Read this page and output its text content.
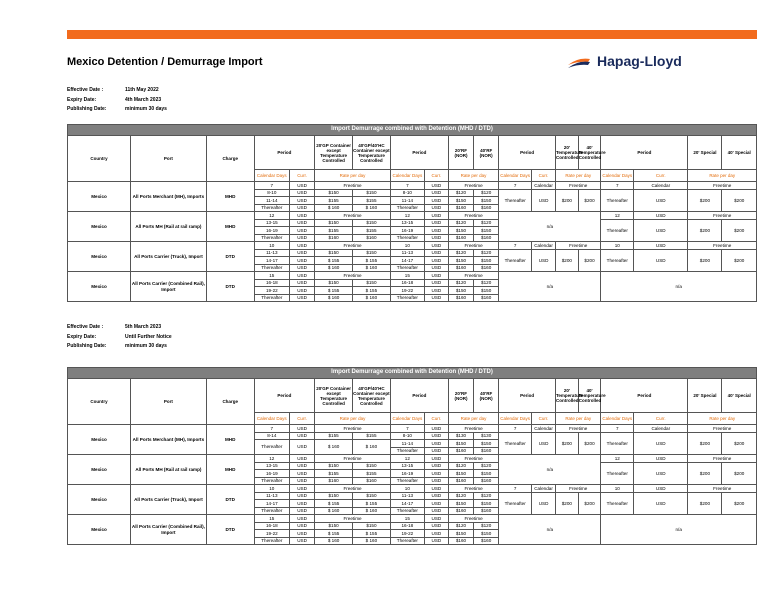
Mexico Detention / Demurrage Import	Hapag-Lloyd
Effective Date :	11th May 2022
Expiry Date:	4th March 2023
Publishing Date:	minimum 30 days
Import Demurrage combined with Detention (MHD / DTD)
Country	Port	Charge	Period	20'GP Container except Temperature Controlled	40'GP/40'HC Container except Temperature Controlled	Period	20'RF (NOR)	40'RF (NOR)	Period	20' Temperature Controlled	40' Temperature Controlled	Period	20' Special	40' Special
Calendar Days	Curr.	Rate per day	Calendar Days	Curr.	Rate per day	Calendar Days	Curr.	Rate per day	Calendar Days	Curr.	Rate per day
Mexico	All Ports Merchant (MH), Imports	MHD	7	USD	Freetime	7	USD	Freetime	7	Calendar	Freetime	7	Calendar	Freetime
8-10	USD	$150	$150	8-10	USD	$120	$120	Thereafter	USD	$200	$200	Thereafter	USD	$200	$200
11-14	USD	$155	$155	11-14	USD	$150	$150
Thereafter	USD	$ 160	$ 160	Thereafter	USD	$160	$160
Mexico	All Ports MH (Rail at rail ramp)	MHD	12	USD	Freetime	12	USD	Freetime	n/a	12	USD	Freetime
13-15	USD	$150	$150	13-15	USD	$120	$120	Thereafter	USD	$200	$200
16-19	USD	$155	$155	16-19	USD	$150	$150
Thereafter	USD	$160	$160	Thereafter	USD	$160	$160
Mexico	All Ports Carrier (Truck), Import	DTD	10	USD	Freetime	10	USD	Freetime	7	Calendar	Freetime	10	USD	Freetime
11-13	USD	$150	$150	11-13	USD	$120	$120	Thereafter	USD	$200	$200	Thereafter	USD	$200	$200
14-17	USD	$ 155	$ 155	14-17	USD	$150	$150
Thereafter	USD	$ 160	$ 160	Thereafter	USD	$160	$160
Mexico	All Ports Carrier (Combined Rail), Import	DTD	15	USD	Freetime	15	USD	Freetime	n/a	n/a
16-18	USD	$150	$150	16-18	USD	$120	$120
19-22	USD	$ 155	$ 155	19-22	USD	$150	$150
Thereafter	USD	$ 160	$ 160	Thereafter	USD	$160	$160
Effective Date :	5th March 2023
Expiry Date:	Until Further Notice
Publishing Date:	minimum 30 days
Import Demurrage combined with Detention (MHD / DTD)
Country	Port	Charge	Period	20'GP Container except Temperature Controlled	40'GP/40'HC Container except Temperature Controlled	Period	20'RF (NOR)	40'RF (NOR)	Period	20' Temperature Controlled	40' Temperature Controlled	Period	20' Special	40' Special
Calendar Days	Curr.	Rate per day	Calendar Days	Curr.	Rate per day	Calendar Days	Curr.	Rate per day	Calendar Days	Curr.	Rate per day
Mexico	All Ports Merchant (MH), Imports	MHD	7	USD	Freetime	7	USD	Freetime	7	Calendar	Freetime	7	Calendar	Freetime
8-14	USD	$155	$155	8-10	USD	$130	$130	Thereafter	USD	$200	$200	Thereafter	USD	$200	$200
Thereafter	USD	$ 160	$ 160	11-14	USD	$150	$150
Thereafter	USD	$160	$160
Mexico	All Ports MH (Rail at rail ramp)	MHD	12	USD	Freetime	12	USD	Freetime	n/a	12	USD	Freetime
13-15	USD	$150	$150	13-15	USD	$120	$120	Thereafter	USD	$200	$200
16-19	USD	$155	$155	16-19	USD	$150	$150
Thereafter	USD	$160	$160	Thereafter	USD	$160	$160
Mexico	All Ports Carrier (Truck), Import	DTD	10	USD	Freetime	10	USD	Freetime	7	Calendar	Freetime	10	USD	Freetime
11-13	USD	$150	$150	11-13	USD	$120	$120	Thereafter	USD	$200	$200	Thereafter	USD	$200	$200
14-17	USD	$ 155	$ 155	14-17	USD	$150	$150
Thereafter	USD	$ 160	$ 160	Thereafter	USD	$160	$160
Mexico	All Ports Carrier (Combined Rail), Import	DTD	15	USD	Freetime	15	USD	Freetime	n/a	n/a
16-18	USD	$150	$150	16-18	USD	$120	$120
19-22	USD	$ 155	$ 155	19-22	USD	$150	$150
Thereafter	USD	$ 160	$ 160	Thereafter	USD	$160	$160
